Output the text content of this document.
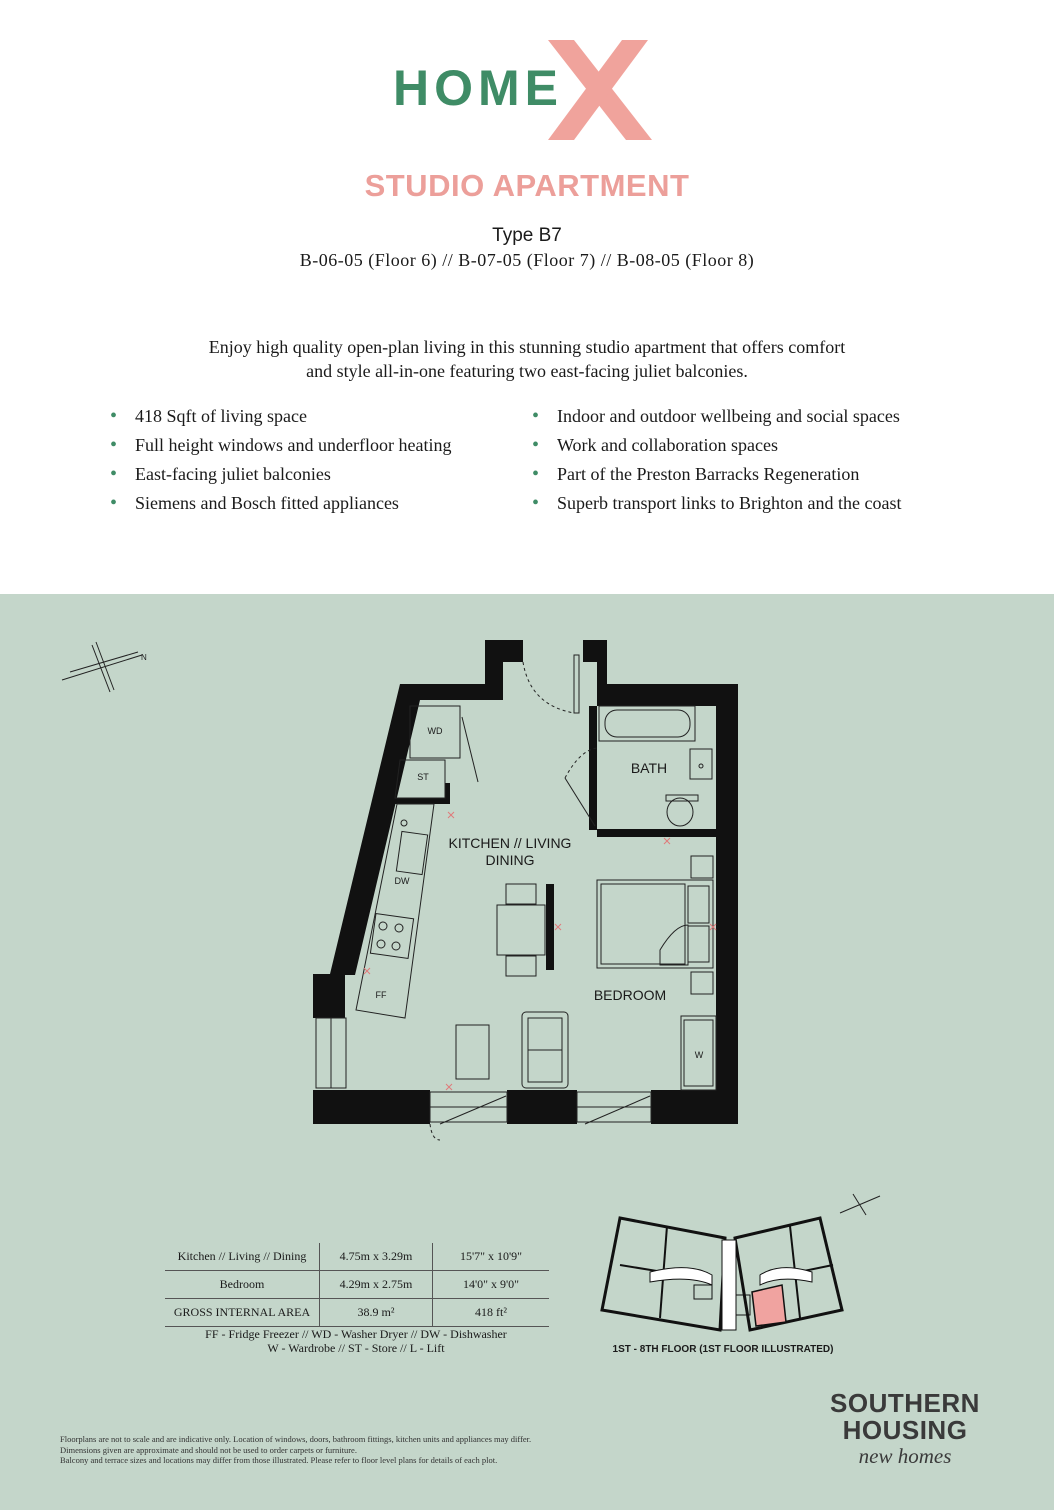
HOME
STUDIO APARTMENT
Type B7
B-06-05 (Floor 6) // B-07-05 (Floor 7) // B-08-05 (Floor 8)
Enjoy high quality open-plan living in this stunning studio apartment that offers comfort
and style all-in-one featuring two east-facing juliet balconies.
• 418 Sqft of living space
• Full height windows and underfloor heating
• East-facing juliet balconies
• Siemens and Bosch fitted appliances
• Indoor and outdoor wellbeing and social spaces
• Work and collaboration spaces
• Part of the Preston Barracks Regeneration
• Superb transport links to Brighton and the coast
N
KITCHEN // LIVING
DINING
BATH
BEDROOM
WD
ST
DW
FF
W
Kitchen // Living // Dining	4.75m x 3.29m	15'7" x 10'9"
Bedroom	4.29m x 2.75m	14'0" x 9'0"
GROSS INTERNAL AREA	38.9 m²	418 ft²
FF - Fridge Freezer // WD - Washer Dryer // DW - Dishwasher
W - Wardrobe // ST - Store // L - Lift	1ST - 8TH FLOOR (1ST FLOOR ILLUSTRATED)
SOUTHERN
HOUSING
new homes
Floorplans are not to scale and are indicative only. Location of windows, doors, bathroom fittings, kitchen units and appliances may differ.
Dimensions given are approximate and should not be used to order carpets or furniture.
Balcony and terrace sizes and locations may differ from those illustrated. Please refer to floor level plans for details of each plot.
